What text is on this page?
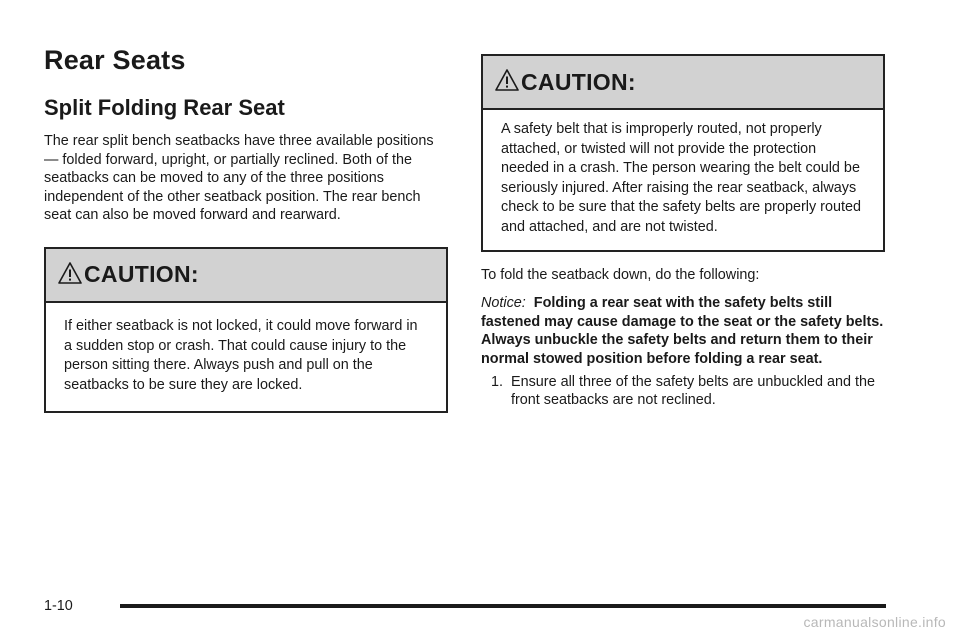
Rear Seats
Split Folding Rear Seat

The rear split bench seatbacks have three available positions — folded forward, upright, or partially reclined. Both of the seatbacks can be moved to any of the three positions independent of the other seatback position. The rear bench seat can also be moved forward and rearward.

CAUTION:
If either seatback is not locked, it could move forward in a sudden stop or crash. That could cause injury to the person sitting there. Always push and pull on the seatbacks to be sure they are locked.
CAUTION:
A safety belt that is improperly routed, not properly attached, or twisted will not provide the protection needed in a crash. The person wearing the belt could be seriously injured. After raising the rear seatback, always check to be sure that the safety belts are properly routed and attached, and are not twisted.

To fold the seatback down, do the following:

Notice: Folding a rear seat with the safety belts still fastened may cause damage to the seat or the safety belts. Always unbuckle the safety belts and return them to their normal stowed position before folding a rear seat.

1. Ensure all three of the safety belts are unbuckled and the front seatbacks are not reclined.
1-10
carmanualsonline.info
